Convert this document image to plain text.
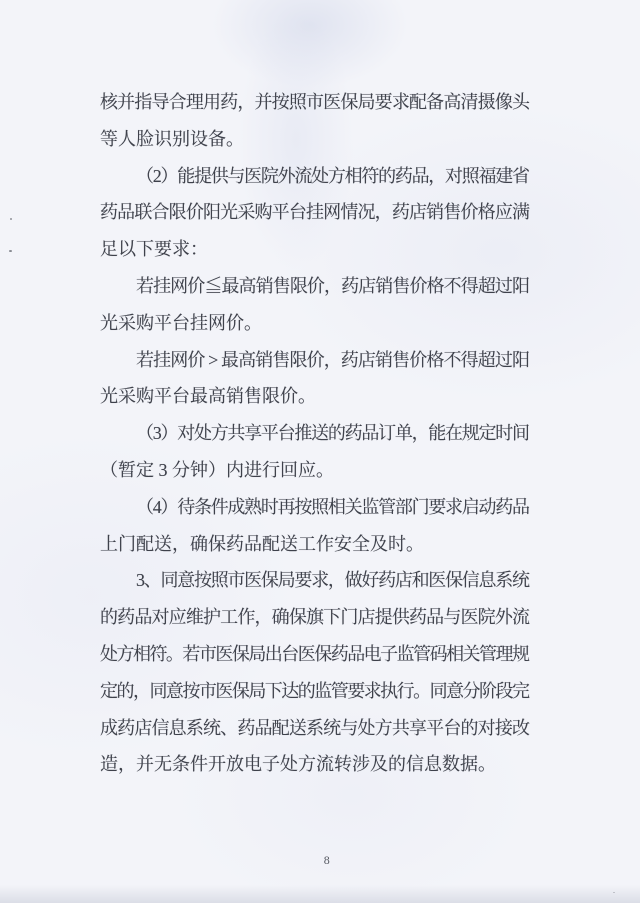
核并指导合理用药，并按照市医保局要求配备高清摄像头
等人脸识别设备。
（2）能提供与医院外流处方相符的药品，对照福建省
药品联合限价阳光采购平台挂网情况，药店销售价格应满
足以下要求：
若挂网价≦最高销售限价，药店销售价格不得超过阳
光采购平台挂网价。
若挂网价 > 最高销售限价，药店销售价格不得超过阳
光采购平台最高销售限价。
（3）对处方共享平台推送的药品订单，能在规定时间
（暂定 3 分钟）内进行回应。
（4）待条件成熟时再按照相关监管部门要求启动药品
上门配送，确保药品配送工作安全及时。
3、同意按照市医保局要求，做好药店和医保信息系统
的药品对应维护工作，确保旗下门店提供药品与医院外流
处方相符。若市医保局出台医保药品电子监管码相关管理规
定的，同意按市医保局下达的监管要求执行。同意分阶段完
成药店信息系统、药品配送系统与处方共享平台的对接改
造，并无条件开放电子处方流转涉及的信息数据。
8
